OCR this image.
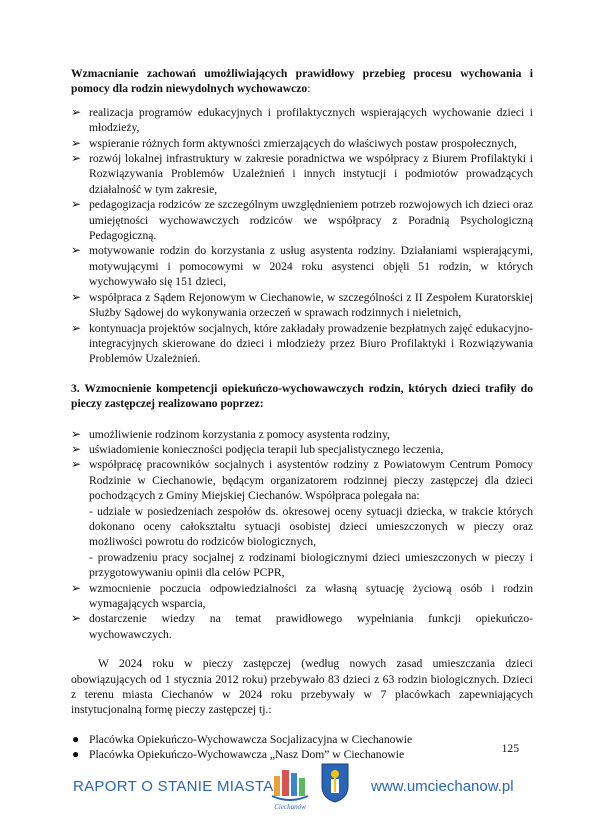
Wzmacnianie zachowań umożliwiających prawidłowy przebieg procesu wychowania i pomocy dla rodzin niewydolnych wychowawczo:

➢ realizacja programów edukacyjnych i profilaktycznych wspierających wychowanie dzieci i młodzieży,
➢ wspieranie różnych form aktywności zmierzających do właściwych postaw prospołecznych,
➢ rozwój lokalnej infrastruktury w zakresie poradnictwa we współpracy z Biurem Profilaktyki i Rozwiązywania Problemów Uzależnień i innych instytucji i podmiotów prowadzących działalność w tym zakresie,
➢ pedagogizacja rodziców ze szczególnym uwzględnieniem potrzeb rozwojowych ich dzieci oraz umiejętności wychowawczych rodziców we współpracy z Poradnią Psychologiczną Pedagogiczną.
➢ motywowanie rodzin do korzystania z usług asystenta rodziny. Działaniami wspierającymi, motywującymi i pomocowymi w 2024 roku asystenci objęli 51 rodzin, w których wychowywało się 151 dzieci,
➢ współpraca z Sądem Rejonowym w Ciechanowie, w szczególności z II Zespołem Kuratorskiej Służby Sądowej do wykonywania orzeczeń w sprawach rodzinnych i nieletnich,
➢ kontynuacja projektów socjalnych, które zakładały prowadzenie bezpłatnych zajęć edukacyjno-integracyjnych skierowane do dzieci i młodzieży przez Biuro Profilaktyki i Rozwiązywania Problemów Uzależnień.

3. Wzmocnienie kompetencji opiekuńczo-wychowawczych rodzin, których dzieci trafiły do pieczy zastępczej realizowano poprzez:

➢ umożliwienie rodzinom korzystania z pomocy asystenta rodziny,
➢ uświadomienie konieczności podjęcia terapii lub specjalistycznego leczenia,
➢ współpracę pracowników socjalnych i asystentów rodziny z Powiatowym Centrum Pomocy Rodzinie w Ciechanowie, będącym organizatorem rodzinnej pieczy zastępczej dla dzieci pochodzących z Gminy Miejskiej Ciechanów. Współpraca polegała na:
- udziale w posiedzeniach zespołów ds. okresowej oceny sytuacji dziecka, w trakcie których dokonano oceny całokształtu sytuacji osobistej dzieci umieszczonych w pieczy oraz możliwości powrotu do rodziców biologicznych,
- prowadzeniu pracy socjalnej z rodzinami biologicznymi dzieci umieszczonych w pieczy i przygotowywaniu opinii dla celów PCPR,
➢ wzmocnienie poczucia odpowiedzialności za własną sytuację życiową osób i rodzin wymagających wsparcia,
➢ dostarczenie wiedzy na temat prawidłowego wypełniania funkcji opiekuńczo-wychowawczych.

W 2024 roku w pieczy zastępczej (według nowych zasad umieszczania dzieci obowiązujących od 1 stycznia 2012 roku) przebywało 83 dzieci z 63 rodzin biologicznych. Dzieci z terenu miasta Ciechanów w 2024 roku przebywały w 7 placówkach zapewniających instytucjonalną formę pieczy zastępczej tj.:

● Placówka Opiekuńczo-Wychowawcza Socjalizacyjna w Ciechanowie
● Placówka Opiekuńczo-Wychowawcza „Nasz Dom” w Ciechanowie	125
RAPORT O STANIE MIASTA
Ciechanów
www.umciechanow.pl
